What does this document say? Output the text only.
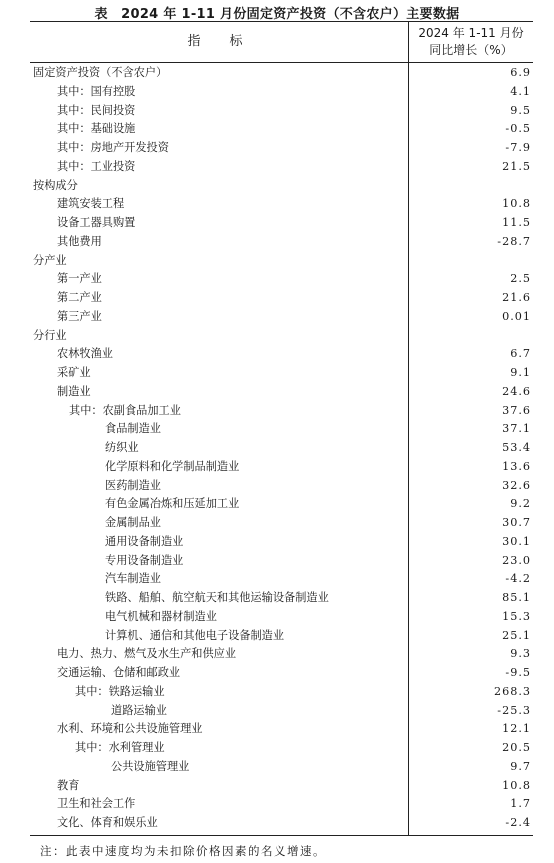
表　2024 年 1-11 月份固定资产投资（不含农户）主要数据
指　标
2024 年 1-11 月份
同比增长（%）
固定资产投资（不含农户）	6.9
其中：国有控股	4.1
其中：民间投资	9.5
其中：基础设施	-0.5
其中：房地产开发投资	-7.9
其中：工业投资	21.5
按构成分
建筑安装工程	10.8
设备工器具购置	11.5
其他费用	-28.7
分产业
第一产业	2.5
第二产业	21.6
第三产业	0.01
分行业
农林牧渔业	6.7
采矿业	9.1
制造业	24.6
其中：农副食品加工业	37.6
食品制造业	37.1
纺织业	53.4
化学原料和化学制品制造业	13.6
医药制造业	32.6
有色金属冶炼和压延加工业	9.2
金属制品业	30.7
通用设备制造业	30.1
专用设备制造业	23.0
汽车制造业	-4.2
铁路、船舶、航空航天和其他运输设备制造业	85.1
电气机械和器材制造业	15.3
计算机、通信和其他电子设备制造业	25.1
电力、热力、燃气及水生产和供应业	9.3
交通运输、仓储和邮政业	-9.5
其中：铁路运输业	268.3
道路运输业	-25.3
水利、环境和公共设施管理业	12.1
其中：水利管理业	20.5
公共设施管理业	9.7
教育	10.8
卫生和社会工作	1.7
文化、体育和娱乐业	-2.4
注：此表中速度均为未扣除价格因素的名义增速。
